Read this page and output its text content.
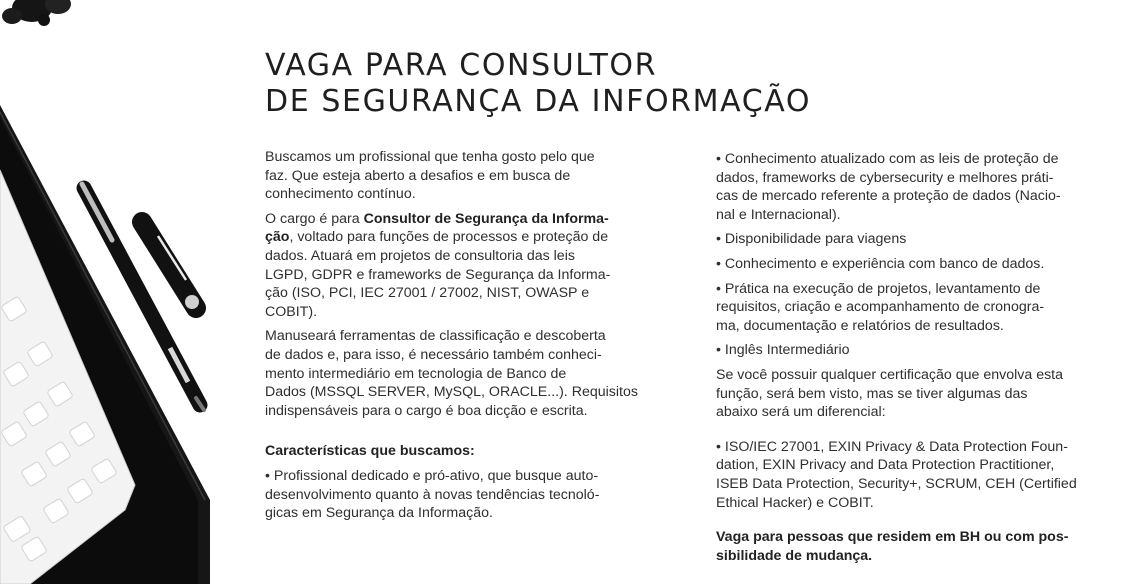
VAGA PARA CONSULTOR
DE SEGURANÇA DA INFORMAÇÃO

Buscamos um profissional que tenha gosto pelo que
faz. Que esteja aberto a desafios e em busca de
conhecimento contínuo.

O cargo é para Consultor de Segurança da Informa-
ção, voltado para funções de processos e proteção de
dados. Atuará em projetos de consultoria das leis
LGPD, GDPR e frameworks de Segurança da Informa-
ção (ISO, PCI, IEC 27001 / 27002, NIST, OWASP e
COBIT).

Manuseará ferramentas de classificação e descoberta
de dados e, para isso, é necessário também conheci-
mento intermediário em tecnologia de Banco de
Dados (MSSQL SERVER, MySQL, ORACLE...). Requisitos
indispensáveis para o cargo é boa dicção e escrita.

Características que buscamos:

• Profissional dedicado e pró-ativo, que busque auto-
desenvolvimento quanto à novas tendências tecnoló-
gicas em Segurança da Informação.

• Conhecimento atualizado com as leis de proteção de
dados, frameworks de cybersecurity e melhores práti-
cas de mercado referente a proteção de dados (Nacio-
nal e Internacional).

• Disponibilidade para viagens

• Conhecimento e experiência com banco de dados.

• Prática na execução de projetos, levantamento de
requisitos, criação e acompanhamento de cronogra-
ma, documentação e relatórios de resultados.

• Inglês Intermediário

Se você possuir qualquer certificação que envolva esta
função, será bem visto, mas se tiver algumas das
abaixo será um diferencial:

• ISO/IEC 27001, EXIN Privacy & Data Protection Foun-
dation, EXIN Privacy and Data Protection Practitioner,
ISEB Data Protection, Security+, SCRUM, CEH (Certified
Ethical Hacker) e COBIT.

Vaga para pessoas que residem em BH ou com pos-
sibilidade de mudança.
